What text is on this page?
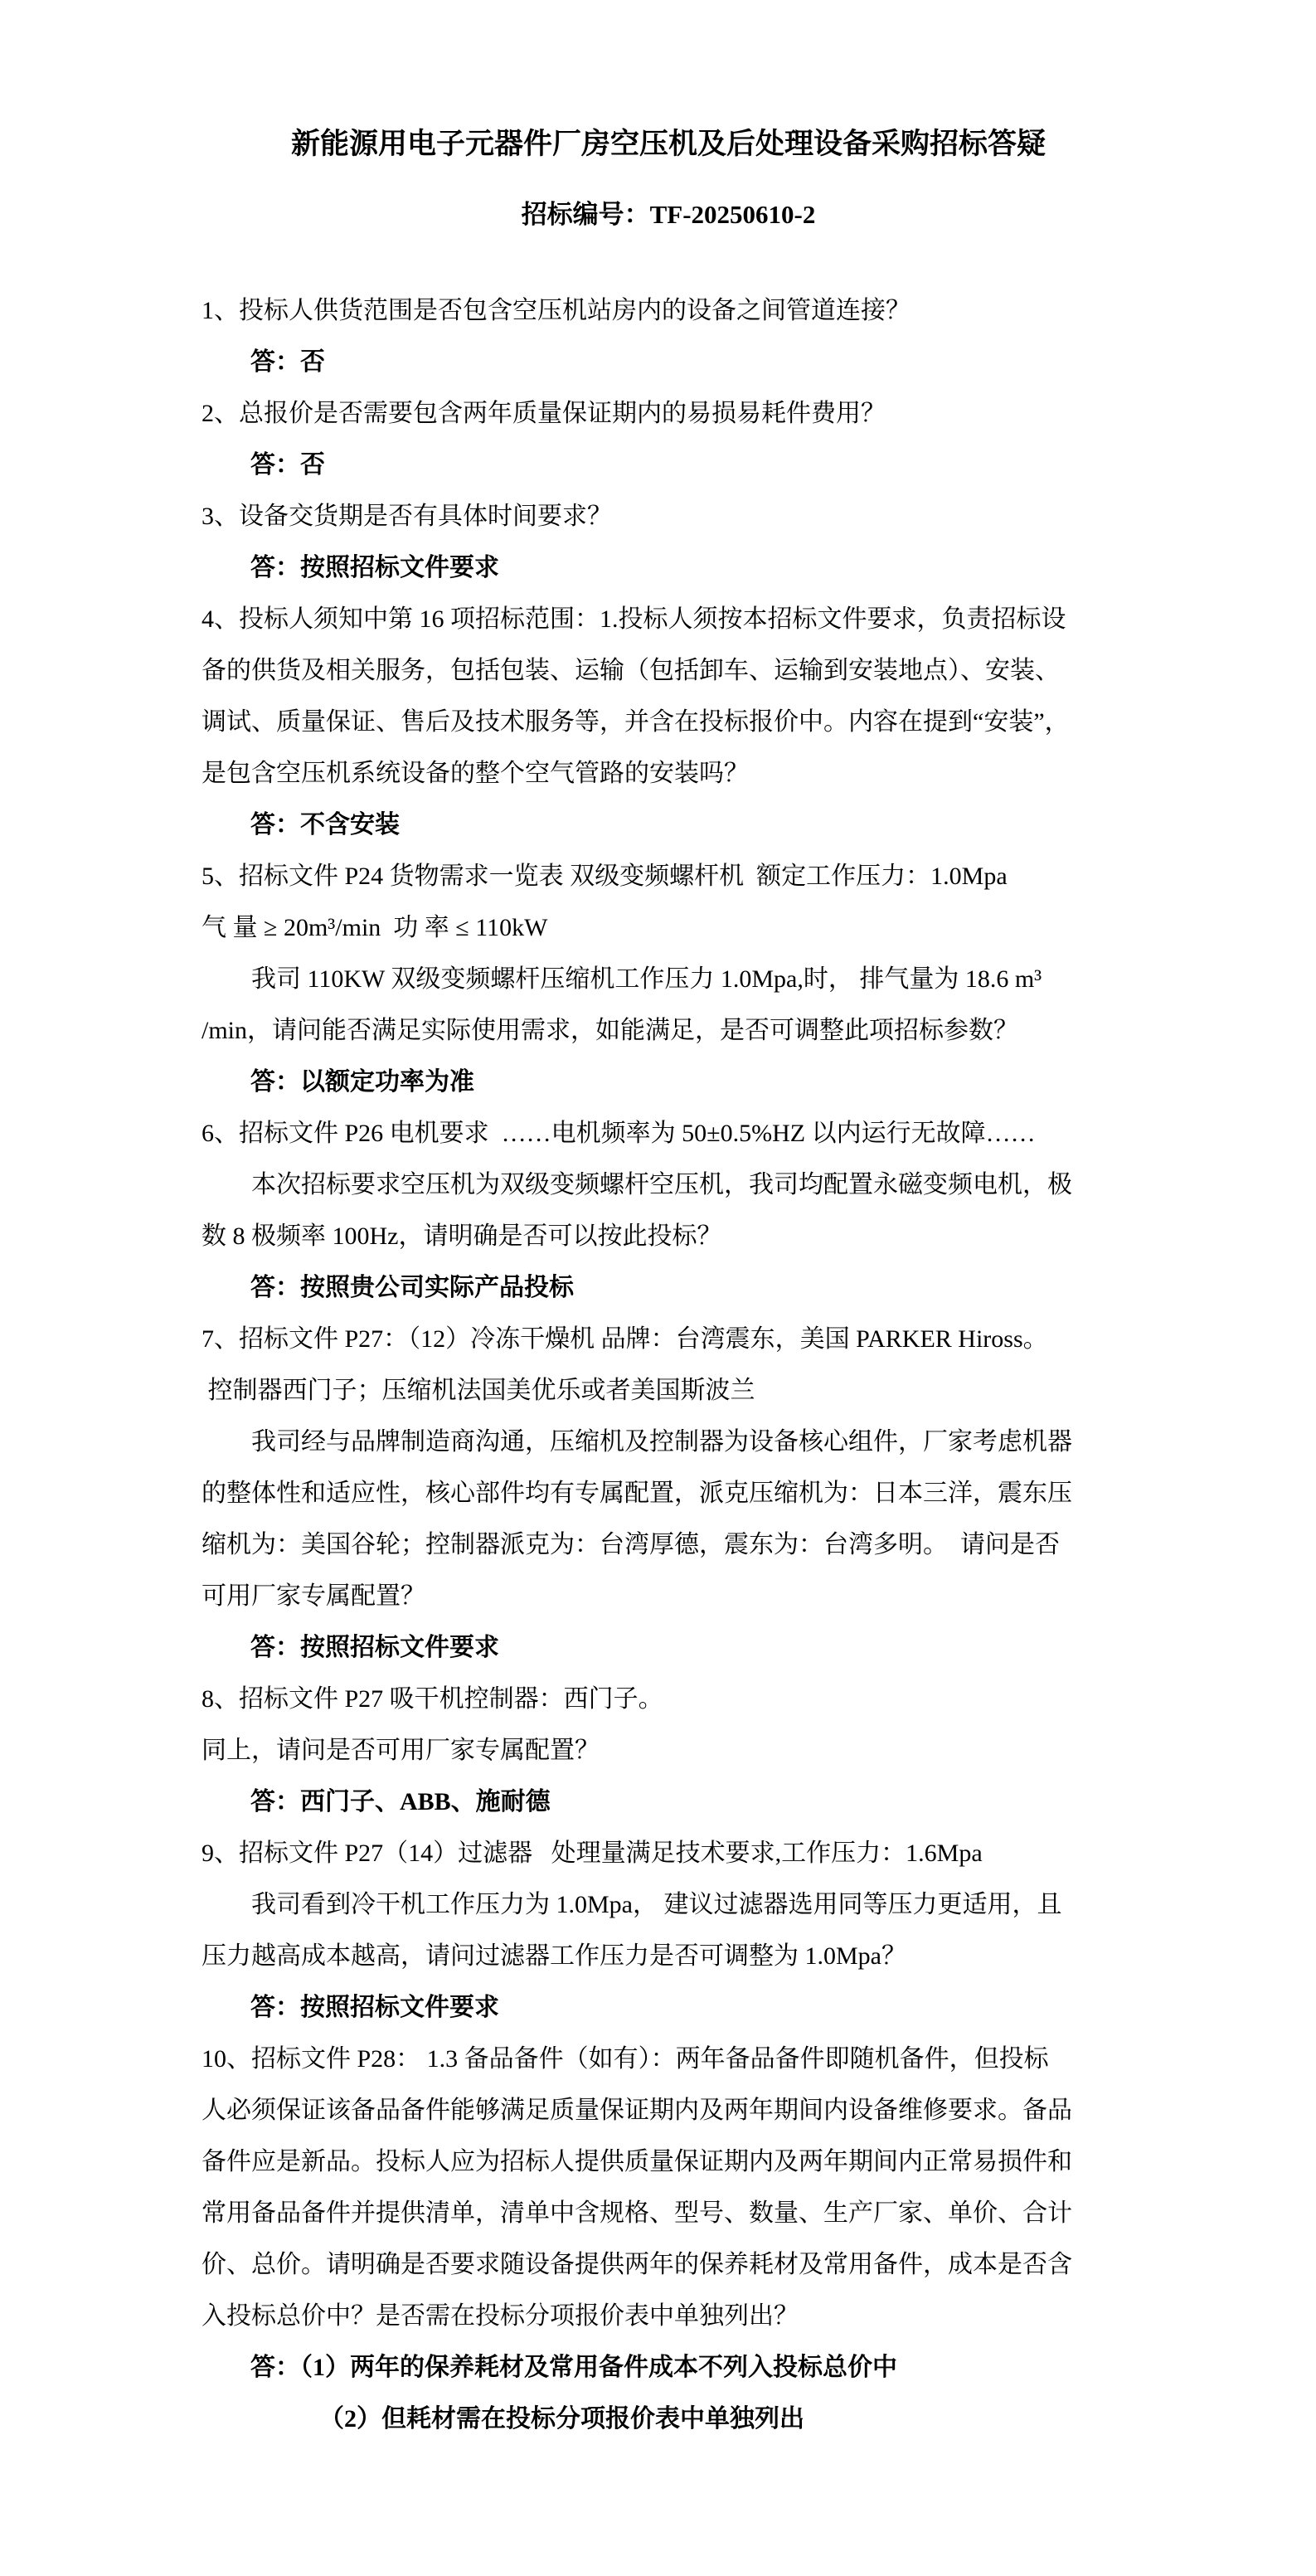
新能源用电子元器件厂房空压机及后处理设备采购招标答疑
招标编号：TF-20250610-2
1、投标人供货范围是否包含空压机站房内的设备之间管道连接？
答：否
2、总报价是否需要包含两年质量保证期内的易损易耗件费用？
答：否
3、设备交货期是否有具体时间要求？
答：按照招标文件要求
4、投标人须知中第 16 项招标范围：1.投标人须按本招标文件要求，负责招标设
备的供货及相关服务，包括包装、运输（包括卸车、运输到安装地点）、安装、
调试、质量保证、售后及技术服务等，并含在投标报价中。内容在提到“安装”，
是包含空压机系统设备的整个空气管路的安装吗？
答：不含安装
5、招标文件 P24 货物需求一览表 双级变频螺杆机  额定工作压力：1.0Mpa
气 量 ≥ 20m³/min  功 率 ≤ 110kW
我司 110KW 双级变频螺杆压缩机工作压力 1.0Mpa,时， 排气量为 18.6 m³
/min，请问能否满足实际使用需求，如能满足，是否可调整此项招标参数？
答：以额定功率为准
6、招标文件 P26 电机要求  ……电机频率为 50±0.5%HZ 以内运行无故障……
本次招标要求空压机为双级变频螺杆空压机，我司均配置永磁变频电机，极
数 8 极频率 100Hz，请明确是否可以按此投标？
答：按照贵公司实际产品投标
7、招标文件 P27：（12）冷冻干燥机 品牌：台湾震东，美国 PARKER Hiross。
控制器西门子；压缩机法国美优乐或者美国斯波兰
我司经与品牌制造商沟通，压缩机及控制器为设备核心组件，厂家考虑机器
的整体性和适应性，核心部件均有专属配置，派克压缩机为：日本三洋，震东压
缩机为：美国谷轮；控制器派克为：台湾厚德，震东为：台湾多明。  请问是否
可用厂家专属配置？
答：按照招标文件要求
8、招标文件 P27 吸干机控制器：西门子。
同上，请问是否可用厂家专属配置？
答：西门子、ABB、施耐德
9、招标文件 P27（14）过滤器   处理量满足技术要求,工作压力：1.6Mpa
我司看到冷干机工作压力为 1.0Mpa， 建议过滤器选用同等压力更适用，且
压力越高成本越高，请问过滤器工作压力是否可调整为 1.0Mpa？
答：按照招标文件要求
10、招标文件 P28： 1.3 备品备件（如有）：两年备品备件即随机备件，但投标
人必须保证该备品备件能够满足质量保证期内及两年期间内设备维修要求。备品
备件应是新品。投标人应为招标人提供质量保证期内及两年期间内正常易损件和
常用备品备件并提供清单，清单中含规格、型号、数量、生产厂家、单价、合计
价、总价。请明确是否要求随设备提供两年的保养耗材及常用备件，成本是否含
入投标总价中？是否需在投标分项报价表中单独列出？
答：（1）两年的保养耗材及常用备件成本不列入投标总价中
（2）但耗材需在投标分项报价表中单独列出
